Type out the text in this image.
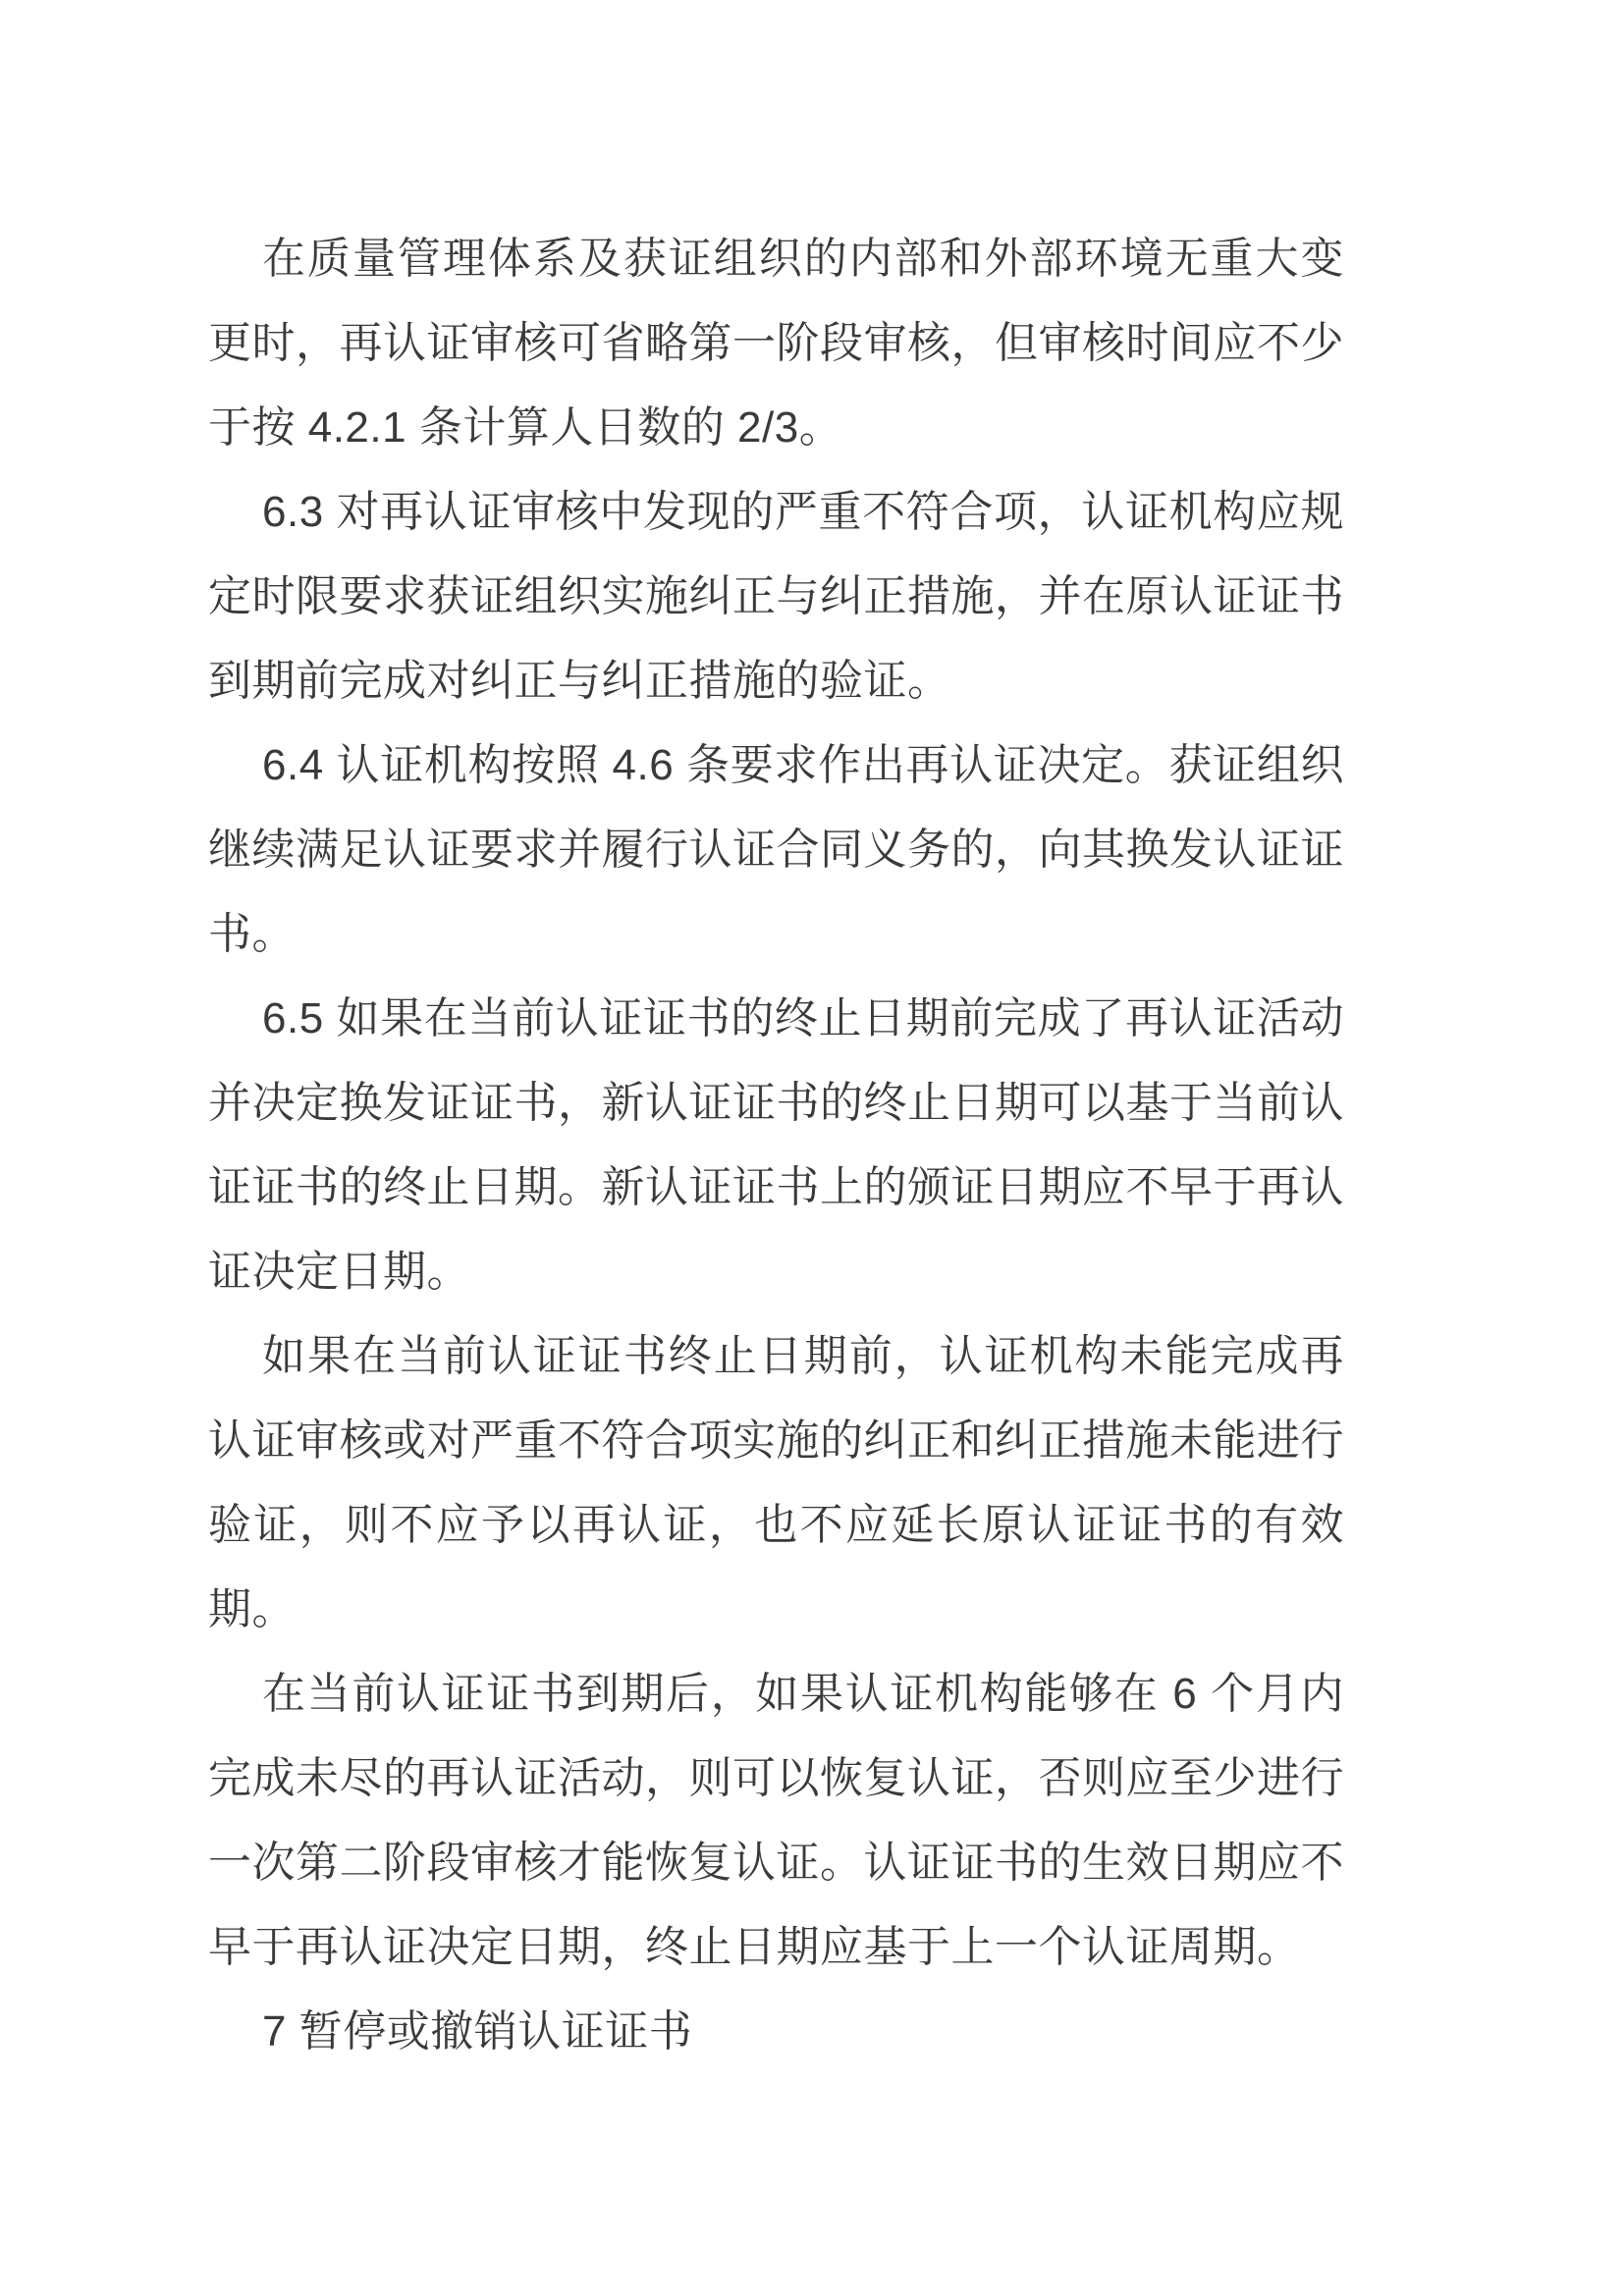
在质量管理体系及获证组织的内部和外部环境无重大变更时，再认证审核可省略第一阶段审核，但审核时间应不少于按 4.2.1 条计算人日数的 2/3。

6.3 对再认证审核中发现的严重不符合项，认证机构应规定时限要求获证组织实施纠正与纠正措施，并在原认证证书到期前完成对纠正与纠正措施的验证。

6.4 认证机构按照 4.6 条要求作出再认证决定。获证组织继续满足认证要求并履行认证合同义务的，向其换发认证证书。

6.5 如果在当前认证证书的终止日期前完成了再认证活动并决定换发证证书，新认证证书的终止日期可以基于当前认证证书的终止日期。新认证证书上的颁证日期应不早于再认证决定日期。

如果在当前认证证书终止日期前，认证机构未能完成再认证审核或对严重不符合项实施的纠正和纠正措施未能进行验证，则不应予以再认证，也不应延长原认证证书的有效期。

在当前认证证书到期后，如果认证机构能够在 6 个月内完成未尽的再认证活动，则可以恢复认证，否则应至少进行一次第二阶段审核才能恢复认证。认证证书的生效日期应不早于再认证决定日期，终止日期应基于上一个认证周期。

7 暂停或撤销认证证书
